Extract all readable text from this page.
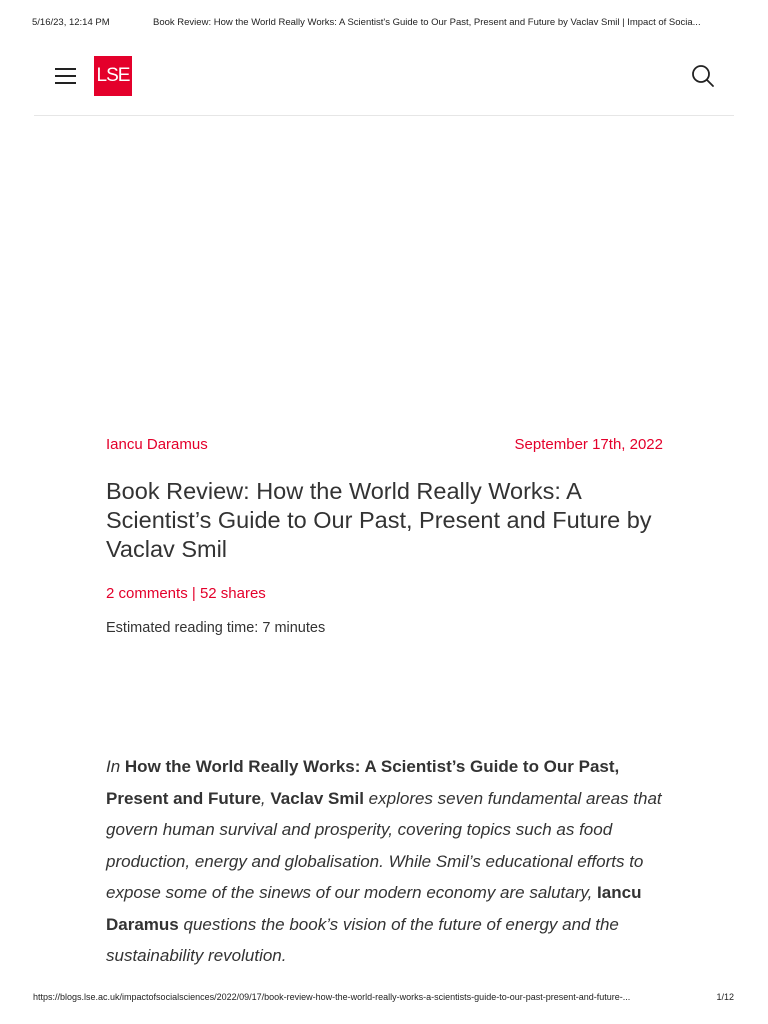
5/16/23, 12:14 PM	Book Review: How the World Really Works: A Scientist's Guide to Our Past, Present and Future by Vaclav Smil | Impact of Socia...
LSE
Iancu Daramus	September 17th, 2022
Book Review: How the World Really Works: A Scientist’s Guide to Our Past, Present and Future by Vaclav Smil
2 comments | 52 shares
Estimated reading time: 7 minutes

In How the World Really Works: A Scientist’s Guide to Our Past, Present and Future, Vaclav Smil explores seven fundamental areas that govern human survival and prosperity, covering topics such as food production, energy and globalisation. While Smil’s educational efforts to expose some of the sinews of our modern economy are salutary, Iancu Daramus questions the book’s vision of the future of energy and the sustainability revolution.

https://blogs.lse.ac.uk/impactofsocialsciences/2022/09/17/book-review-how-the-world-really-works-a-scientists-guide-to-our-past-present-and-future-...	1/12
